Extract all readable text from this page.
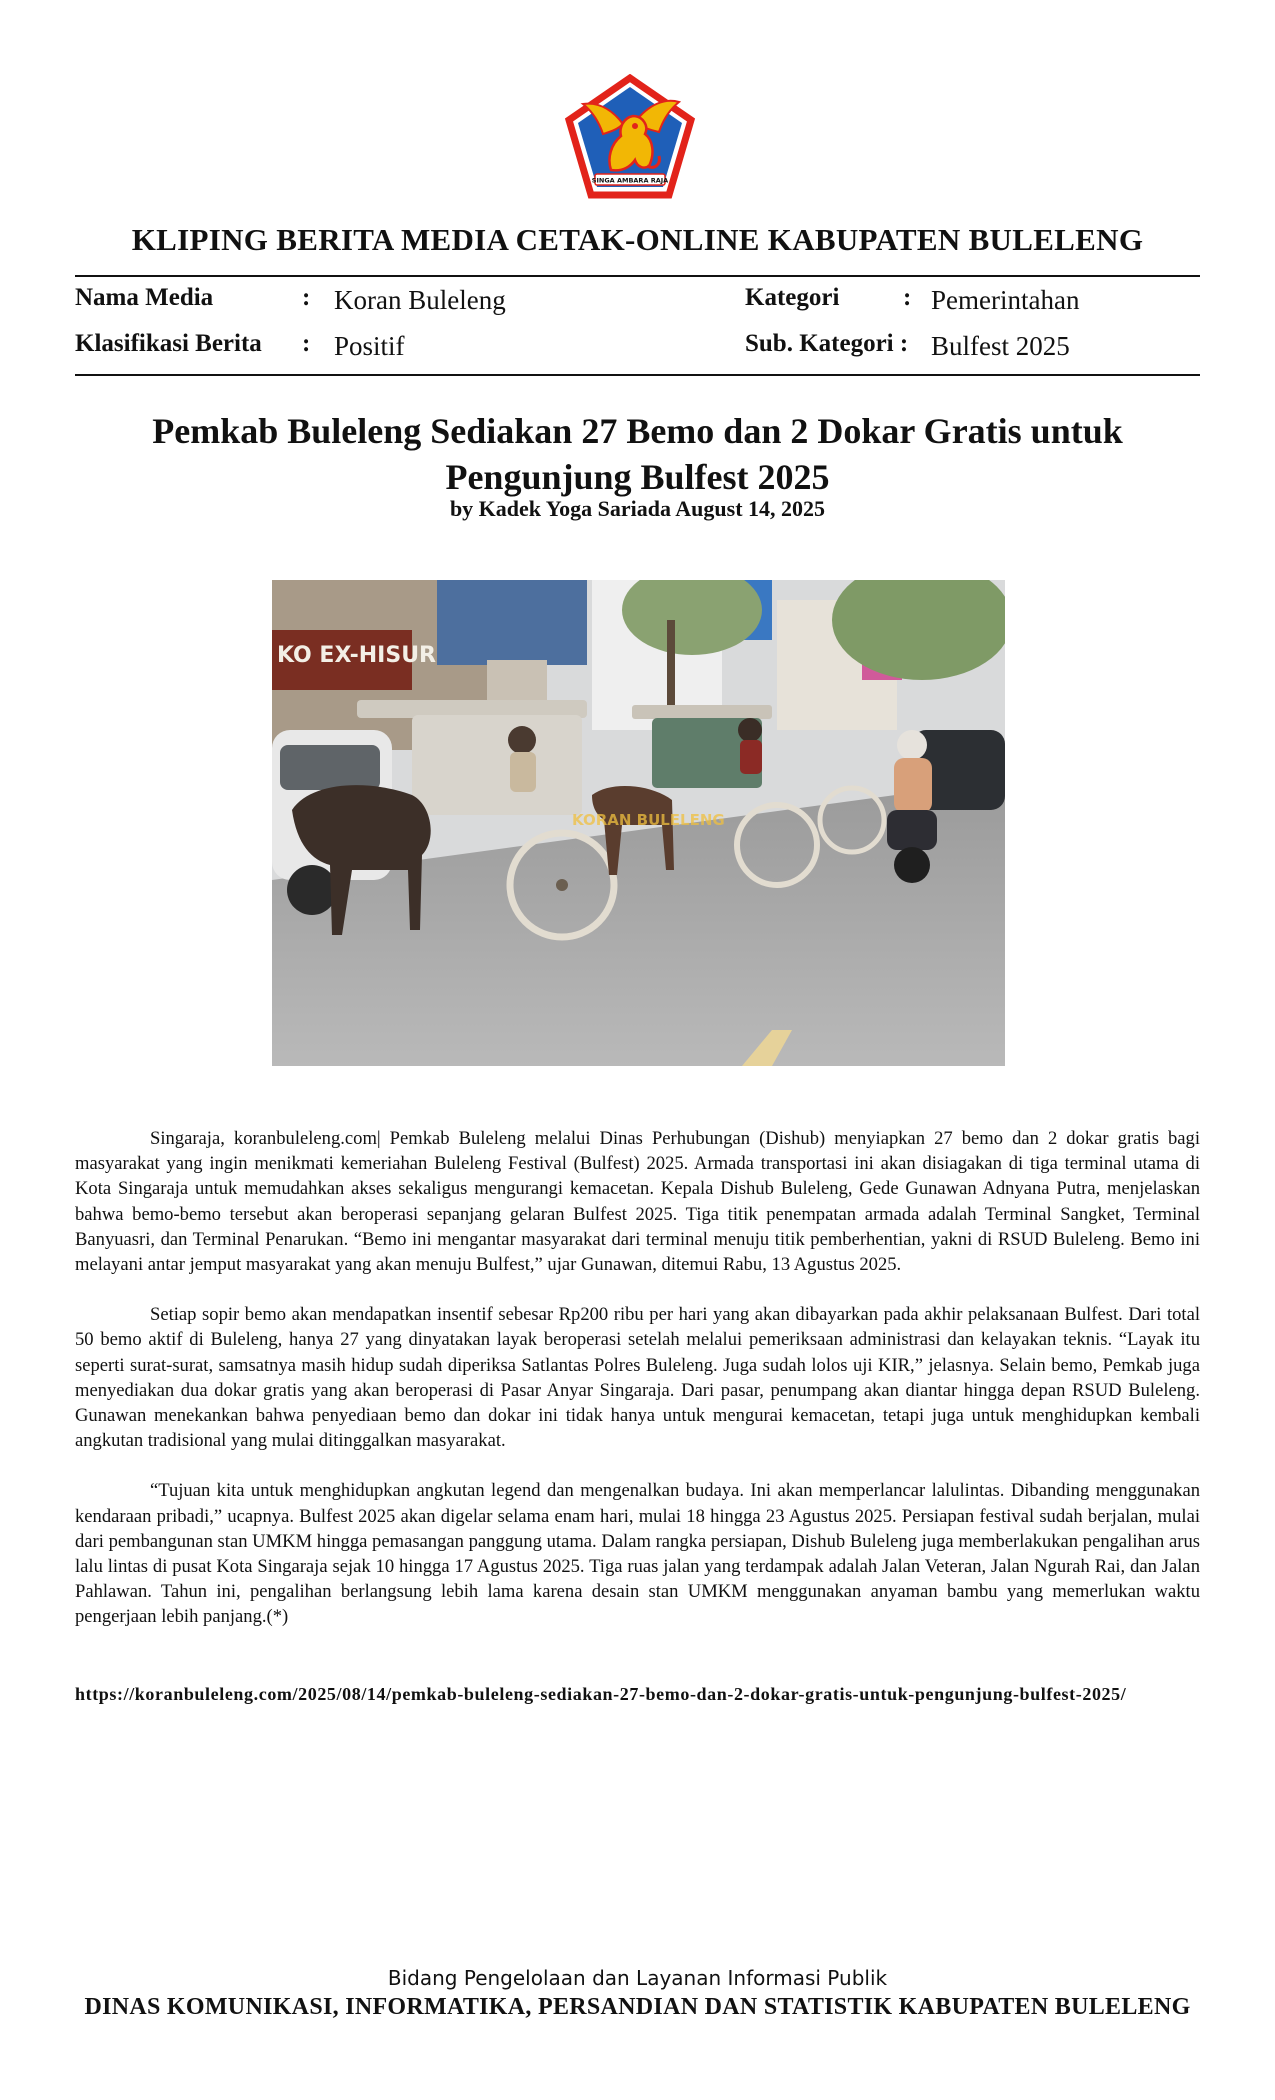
SINGA AMBARA RAJA
KLIPING BERITA MEDIA CETAK-ONLINE KABUPATEN BULELENG
Nama Media	: Koran Buleleng	Kategori	: Pemerintahan
Klasifikasi Berita : Positif	Sub. Kategori : Bulfest 2025
Pemkab Buleleng Sediakan 27 Bemo dan 2 Dokar Gratis untuk
Pengunjung Bulfest 2025
by Kadek Yoga Sariada August 14, 2025
KO EX-HISUR
KORAN BULELENG

Singaraja, koranbuleleng.com| Pemkab Buleleng melalui Dinas Perhubungan (Dishub) menyiapkan 27 bemo dan 2 dokar gratis bagi masyarakat yang ingin menikmati kemeriahan Buleleng Festival (Bulfest) 2025. Armada transportasi ini akan disiagakan di tiga terminal utama di Kota Singaraja untuk memudahkan akses sekaligus mengurangi kemacetan. Kepala Dishub Buleleng, Gede Gunawan Adnyana Putra, menjelaskan bahwa bemo-bemo tersebut akan beroperasi sepanjang gelaran Bulfest 2025. Tiga titik penempatan armada adalah Terminal Sangket, Terminal Banyuasri, dan Terminal Penarukan. “Bemo ini mengantar masyarakat dari terminal menuju titik pemberhentian, yakni di RSUD Buleleng. Bemo ini melayani antar jemput masyarakat yang akan menuju Bulfest,” ujar Gunawan, ditemui Rabu, 13 Agustus 2025.

Setiap sopir bemo akan mendapatkan insentif sebesar Rp200 ribu per hari yang akan dibayarkan pada akhir pelaksanaan Bulfest. Dari total 50 bemo aktif di Buleleng, hanya 27 yang dinyatakan layak beroperasi setelah melalui pemeriksaan administrasi dan kelayakan teknis. “Layak itu seperti surat-surat, samsatnya masih hidup sudah diperiksa Satlantas Polres Buleleng. Juga sudah lolos uji KIR,” jelasnya. Selain bemo, Pemkab juga menyediakan dua dokar gratis yang akan beroperasi di Pasar Anyar Singaraja. Dari pasar, penumpang akan diantar hingga depan RSUD Buleleng. Gunawan menekankan bahwa penyediaan bemo dan dokar ini tidak hanya untuk mengurai kemacetan, tetapi juga untuk menghidupkan kembali angkutan tradisional yang mulai ditinggalkan masyarakat.

“Tujuan kita untuk menghidupkan angkutan legend dan mengenalkan budaya. Ini akan memperlancar lalulintas. Dibanding menggunakan kendaraan pribadi,” ucapnya. Bulfest 2025 akan digelar selama enam hari, mulai 18 hingga 23 Agustus 2025. Persiapan festival sudah berjalan, mulai dari pembangunan stan UMKM hingga pemasangan panggung utama. Dalam rangka persiapan, Dishub Buleleng juga memberlakukan pengalihan arus lalu lintas di pusat Kota Singaraja sejak 10 hingga 17 Agustus 2025. Tiga ruas jalan yang terdampak adalah Jalan Veteran, Jalan Ngurah Rai, dan Jalan Pahlawan. Tahun ini, pengalihan berlangsung lebih lama karena desain stan UMKM menggunakan anyaman bambu yang memerlukan waktu pengerjaan lebih panjang.(*)

https://koranbuleleng.com/2025/08/14/pemkab-buleleng-sediakan-27-bemo-dan-2-dokar-gratis-untuk-pengunjung-bulfest-2025/
Bidang Pengelolaan dan Layanan Informasi Publik
DINAS KOMUNIKASI, INFORMATIKA, PERSANDIAN DAN STATISTIK KABUPATEN BULELENG
